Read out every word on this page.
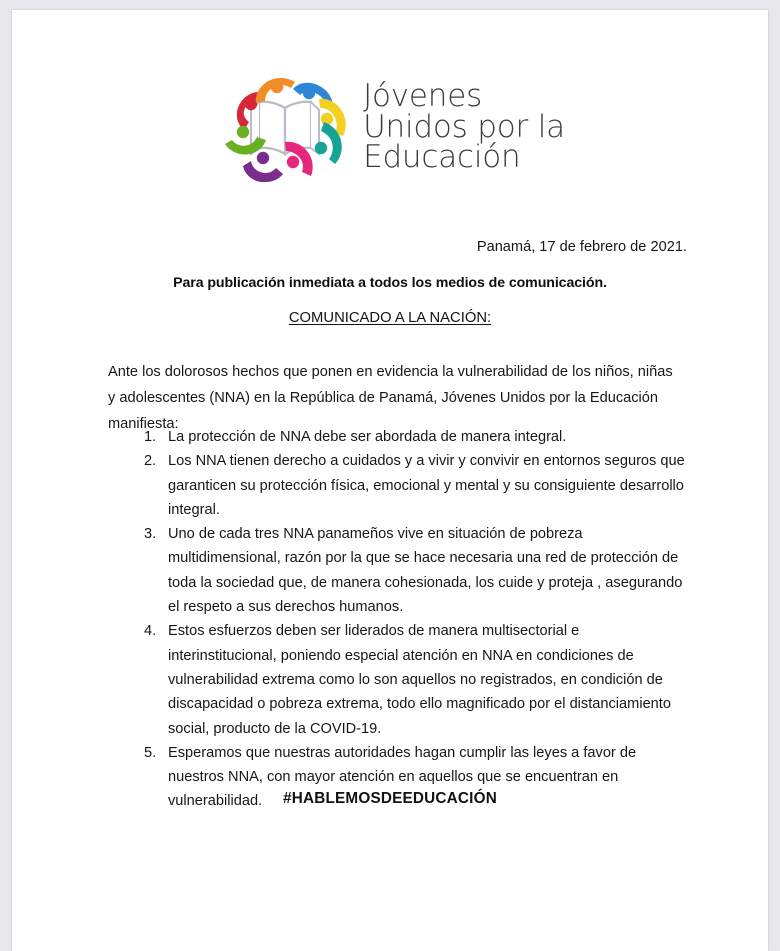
Jóvenes
Unidos por la
Educación
Panamá, 17 de febrero de 2021.
Para publicación inmediata a todos los medios de comunicación.
COMUNICADO A LA NACIÓN:

Ante los dolorosos hechos que ponen en evidencia la vulnerabilidad de los niños, niñas y adolescentes (NNA) en la República de Panamá, Jóvenes Unidos por la Educación manifiesta:

1. La protección de NNA debe ser abordada de manera integral.
2. Los NNA tienen derecho a cuidados y a vivir y convivir en entornos seguros que garanticen su protección física, emocional y mental y su consiguiente desarrollo integral.
3. Uno de cada tres NNA panameños vive en situación de pobreza multidimensional, razón por la que se hace necesaria una red de protección de toda la sociedad que, de manera cohesionada, los cuide y proteja , asegurando el respeto a sus derechos humanos.
4. Estos esfuerzos deben ser liderados de manera multisectorial e interinstitucional, poniendo especial atención en NNA en condiciones de vulnerabilidad extrema como lo son aquellos no registrados, en condición de discapacidad o pobreza extrema, todo ello magnificado por el distanciamiento social, producto de la COVID-19.
5. Esperamos que nuestras autoridades hagan cumplir las leyes a favor de nuestros NNA, con mayor atención en aquellos que se encuentran en vulnerabilidad.	#HABLEMOSDEEDUCACIÓN
